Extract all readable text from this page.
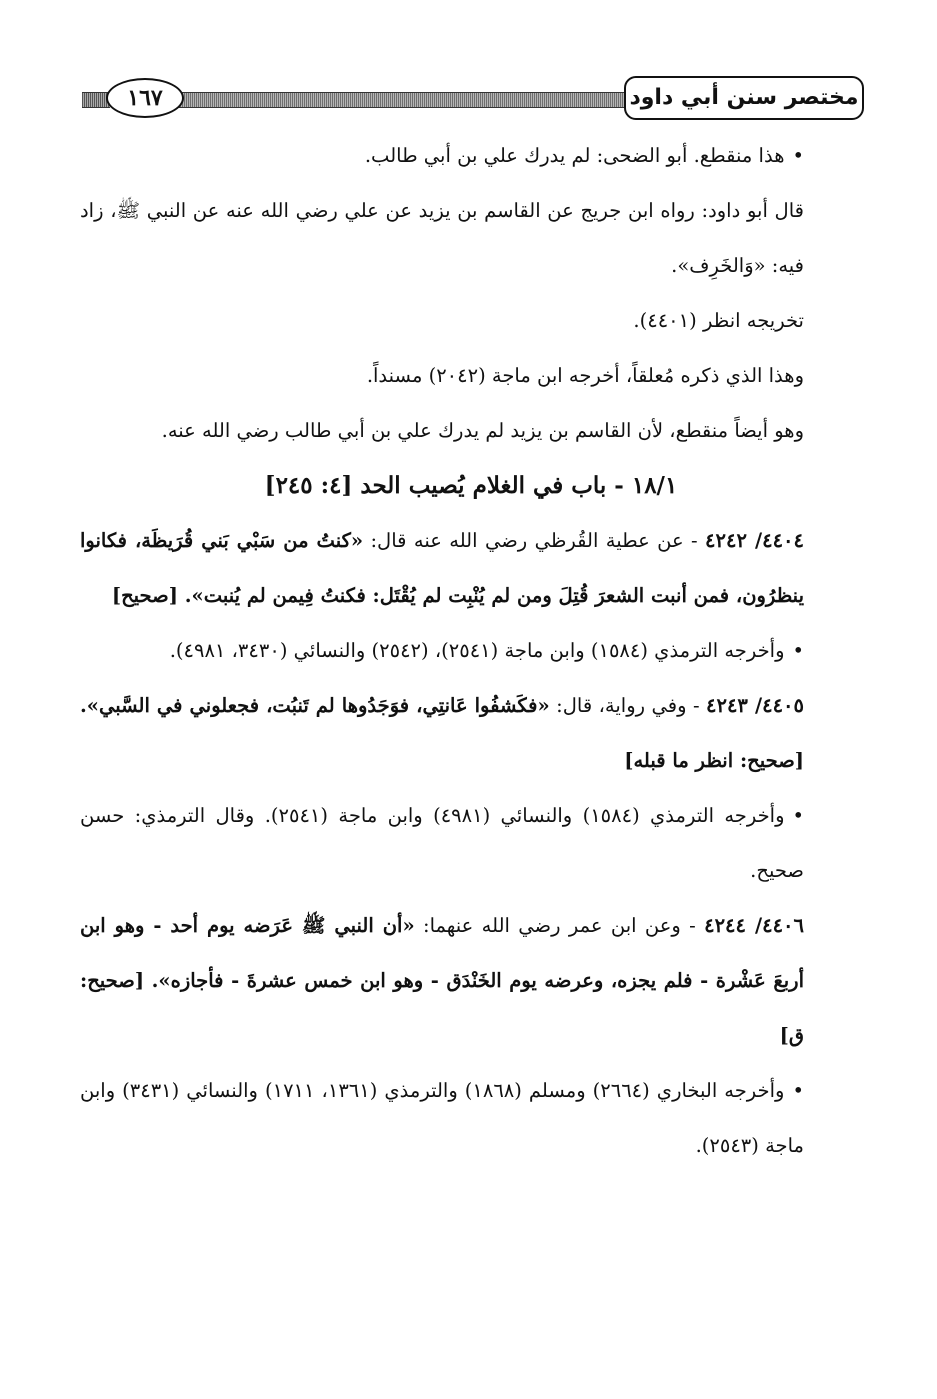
١٦٧	مختصر سنن أبي داود

•هذا منقطع. أبو الضحى: لم يدرك علي بن أبي طالب.

قال أبو داود: رواه ابن جريج عن القاسم بن يزيد عن علي رضي الله عنه عن النبي ﷺ، زاد فيه: «وَالخَرِف».

تخريجه انظر (٤٤٠١).

وهذا الذي ذكره مُعلقاً، أخرجه ابن ماجة (٢٠٤٢) مسنداً.

وهو أيضاً منقطع، لأن القاسم بن يزيد لم يدرك علي بن أبي طالب رضي الله عنه.

١٨/١ - باب في الغلام يُصيب الحد [٤: ٢٤٥]

٤٤٠٤/ ٤٢٤٢ - عن عطية القُرظي رضي الله عنه قال: «كنتُ من سَبْي بَني قُرَيظَة، فكانوا ينظرُون، فمن أنبت الشعرَ قُتِلَ ومن لم يُنْبِت لم يُقْتَل: فكنتُ فِيمن لم يُنبت». [صحيح]

•وأخرجه الترمذي (١٥٨٤) وابن ماجة (٢٥٤١)، (٢٥٤٢) والنسائي (٣٤٣٠، ٤٩٨١).

٤٤٠٥/ ٤٢٤٣ - وفي رواية، قال: «فكَشفُوا عَانتِي، فوَجَدُوها لم تَنبُت، فجعلوني في السَّبي». [صحيح: انظر ما قبله]

•وأخرجه الترمذي (١٥٨٤) والنسائي (٤٩٨١) وابن ماجة (٢٥٤١). وقال الترمذي: حسن صحيح.

٤٤٠٦/ ٤٢٤٤ - وعن ابن عمر رضي الله عنهما: «أن النبي ﷺ عَرَضه يوم أحد - وهو ابن أربعَ عَشْرة - فلم يجزه، وعرضه يوم الخَنْدَق - وهو ابن خمس عشرةَ - فأجازه». [صحيح: ق]

•وأخرجه البخاري (٢٦٦٤) ومسلم (١٨٦٨) والترمذي (١٣٦١، ١٧١١) والنسائي (٣٤٣١) وابن ماجة (٢٥٤٣).
